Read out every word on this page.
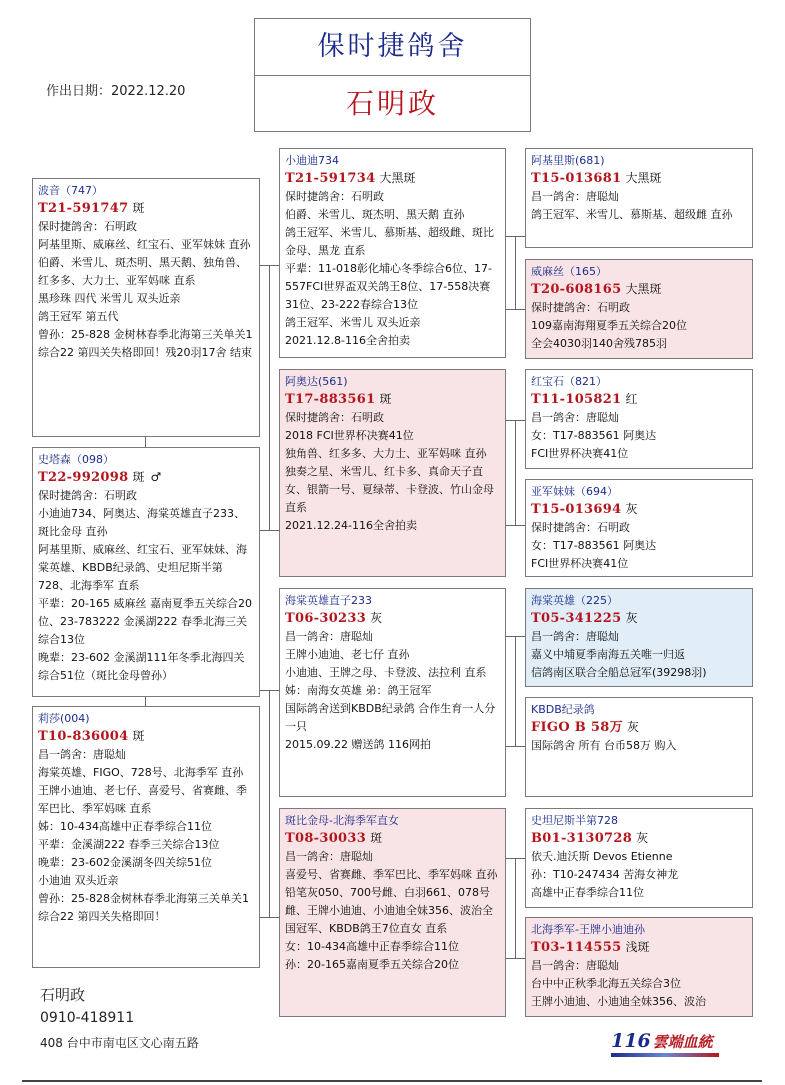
保时捷鸽舍
石明政
作出日期：2022.12.20
波音（747）
T21-591747 斑
保时捷鸽舍：石明政
阿基里斯、威麻丝、红宝石、亚军妹妹 直孙
伯爵、米雪儿、斑杰明、黑天鹅、独角兽、红多多、大力士、亚军妈咪 直系
黑珍珠 四代 米雪儿 双头近亲
鸽王冠军 第五代
曾孙：25-828 金树林春季北海第三关单关1 综合22 第四关失格即回！残20羽17舍 结束
史塔森（098）
T22-992098 斑 ♂
保时捷鸽舍：石明政
小迪迪734、阿奥达、海棠英雄直子233、斑比金母 直孙
阿基里斯、威麻丝、红宝石、亚军妹妹、海棠英雄、KBDB纪录鸽、史坦尼斯半第728、北海季军 直系
平辈：20-165 威麻丝 嘉南夏季五关综合20位、23-783222 金溪湖222 春季北海三关综合13位
晚辈：23-602 金溪湖111年冬季北海四关综合51位（斑比金母曾孙）
莉莎(004)
T10-836004 斑
昌一鸽舍：唐聪灿
海棠英雄、FIGO、728号、北海季军 直孙
王牌小迪迪、老七仔、喜爱号、省赛雌、季军巴比、季军妈咪 直系
姊：10-434高雄中正春季综合11位
平辈：金溪湖222 春季三关综合13位
晚辈：23-602金溪湖冬四关综51位
小迪迪 双头近亲
曾孙：25-828金树林春季北海第三关单关1 综合22 第四关失格即回！
小迪迪734
T21-591734 大黑斑
保时捷鸽舍：石明政
伯爵、米雪儿、斑杰明、黑天鹅 直孙
鸽王冠军、米雪儿、慕斯基、超级雌、斑比金母、黑龙 直系
平辈：11-018彰化埔心冬季综合6位、17-557FCI世界盃双关鸽王8位、17-558决赛31位、23-222春综合13位
鸽王冠军、米雪儿 双头近亲
2021.12.8-116全舍拍卖
阿奥达(561)
T17-883561 斑
保时捷鸽舍：石明政
2018 FCI世界杯决赛41位
独角兽、红多多、大力士、亚军妈咪 直孙
独奏之星、米雪儿、红卡多、真命天子直女、银箭一号、夏绿蒂、卡登波、竹山金母 直系
2021.12.24-116全舍拍卖
海棠英雄直子233
T06-30233 灰
昌一鸽舍：唐聪灿
王牌小迪迪、老七仔 直孙
小迪迪、王牌之母、卡登波、法拉利 直系
姊：南海女英雄 弟：鸽王冠军
国际鸽舍送到KBDB纪录鸽 合作生育一人分一只
2015.09.22 赠送鸽 116网拍
斑比金母-北海季军直女
T08-30033 斑
昌一鸽舍：唐聪灿
喜爱号、省赛雌、季军巴比、季军妈咪 直孙
铅笔灰050、700号雌、白羽661、078号雌、王牌小迪迪、小迪迪全妹356、波治全国冠军、KBDB鸽王7位直女 直系
女：10-434高雄中正春季综合11位
孙：20-165嘉南夏季五关综合20位
阿基里斯(681)
T15-013681 大黑斑
昌一鸽舍：唐聪灿
鸽王冠军、米雪儿、慕斯基、超级雌 直孙
威麻丝（165）
T20-608165 大黑斑
保时捷鸽舍：石明政
109嘉南海翔夏季五关综合20位
全会4030羽140舍残785羽
红宝石（821）
T11-105821 红
昌一鸽舍：唐聪灿
女：T17-883561 阿奥达
FCI世界杯决赛41位
亚军妹妹（694）
T15-013694 灰
保时捷鸽舍：石明政
女：T17-883561 阿奥达
FCI世界杯决赛41位
海棠英雄（225）
T05-341225 灰
昌一鸽舍：唐聪灿
嘉义中埔夏季南海五关唯一归返
信鸽南区联合全船总冠军(39298羽)
KBDB纪录鸽
FIGO B 58万 灰
国际鸽舍 所有 台币58万 购入
史坦尼斯半第728
B01-3130728 灰
依夭.迪沃斯 Devos Etienne
孙：T10-247434 苦海女神龙
高雄中正春季综合11位
北海季军-王牌小迪迪孙
T03-114555 浅斑
昌一鸽舍：唐聪灿
台中中正秋季北海五关综合3位
王牌小迪迪、小迪迪全妹356、波治
石明政
0910-418911
408 台中市南屯区文心南五路	116 雲端血統
